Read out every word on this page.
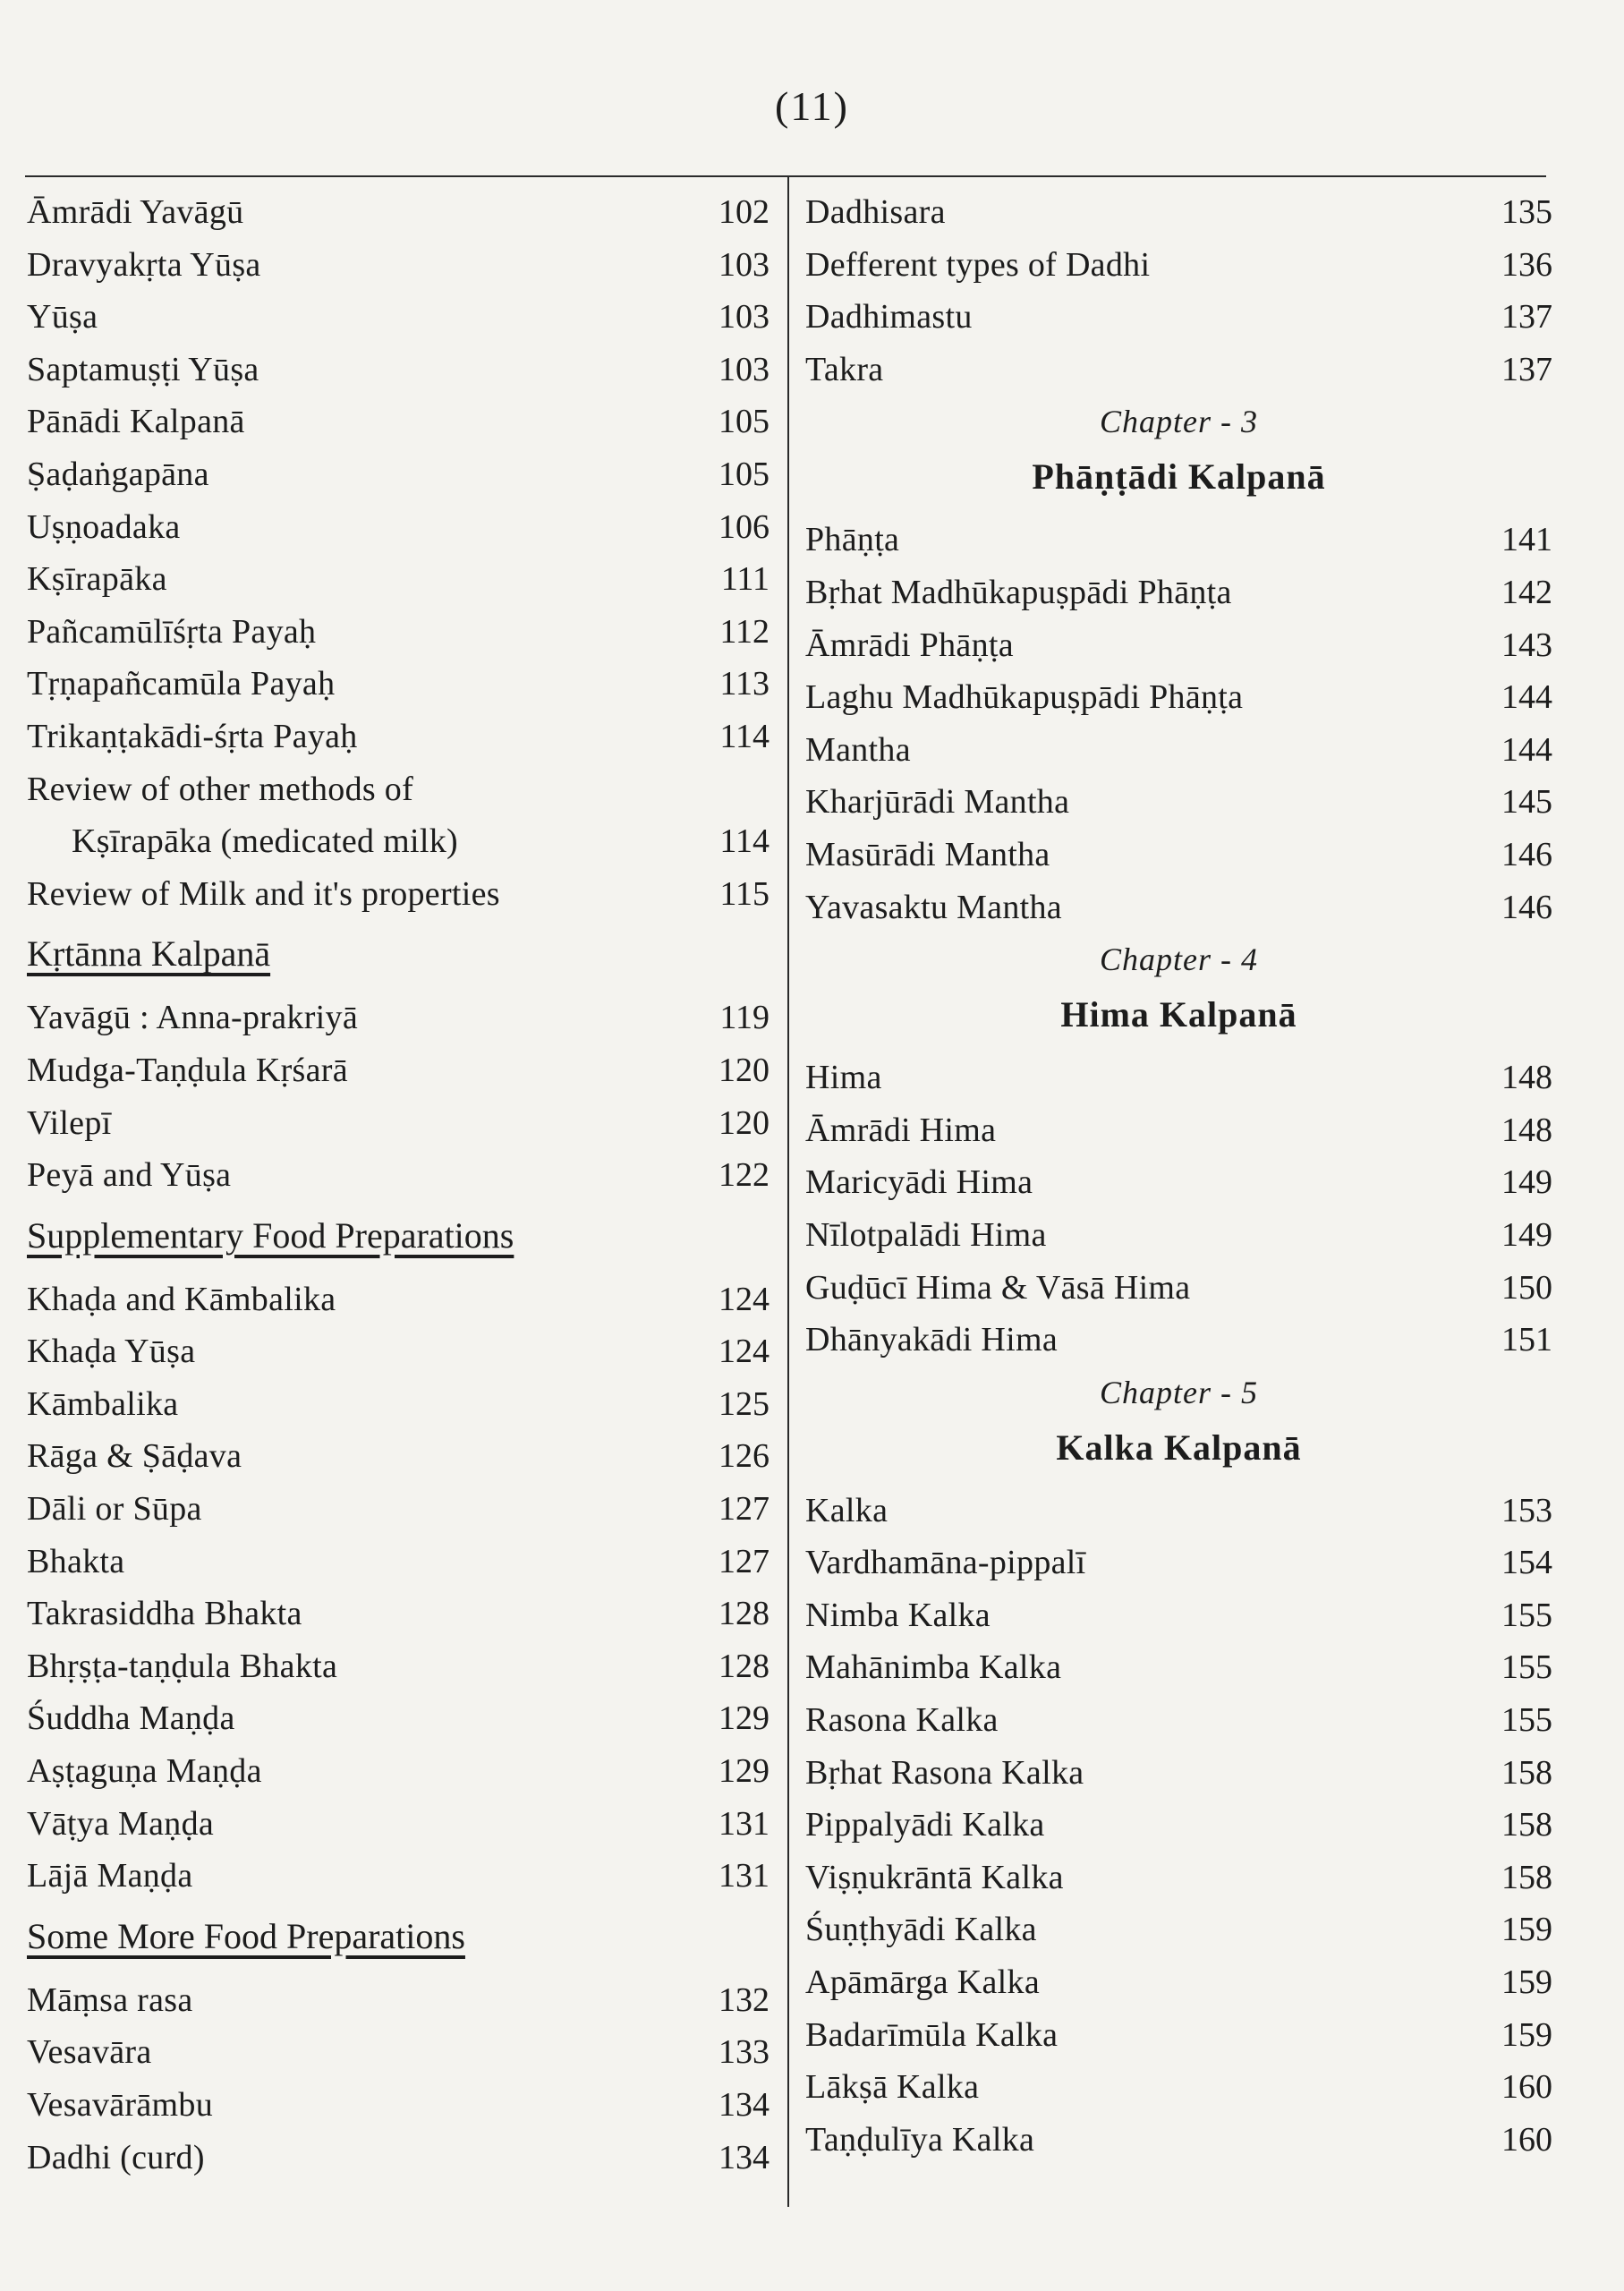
(11)
Āmrādi Yavāgū	102
Dravyakṛta Yūṣa	103
Yūṣa	103
Saptamuṣṭi Yūṣa	103
Pānādi Kalpanā	105
Ṣaḍaṅgapāna	105
Uṣṇoadaka	106
Kṣīrapāka	111
Pañcamūlīśṛta Payaḥ	112
Tṛṇapañcamūla Payaḥ	113
Trikaṇṭakādi-śṛta Payaḥ	114
Review of other methods of
Kṣīrapāka (medicated milk)	114
Review of Milk and it's properties	115
Kṛtānna Kalpanā
Yavāgū : Anna-prakriyā	119
Mudga-Taṇḍula Kṛśarā	120
Vilepī	120
Peyā and Yūṣa	122
Supplementary Food Preparations
Khaḍa and Kāmbalika	124
Khaḍa Yūṣa	124
Kāmbalika	125
Rāga & Ṣāḍava	126
Dāli or Sūpa	127
Bhakta	127
Takrasiddha Bhakta	128
Bhṛṣṭa-taṇḍula Bhakta	128
Śuddha Maṇḍa	129
Aṣṭaguṇa Maṇḍa	129
Vāṭya Maṇḍa	131
Lājā Maṇḍa	131
Some More Food Preparations
Māṃsa rasa	132
Vesavāra	133
Vesavārāmbu	134
Dadhi (curd)	134
Dadhisara	135
Defferent types of Dadhi	136
Dadhimastu	137
Takra	137
Chapter - 3
Phāṇṭādi Kalpanā
Phāṇṭa	141
Bṛhat Madhūkapuṣpādi Phāṇṭa	142
Āmrādi Phāṇṭa	143
Laghu Madhūkapuṣpādi Phāṇṭa	144
Mantha	144
Kharjūrādi Mantha	145
Masūrādi Mantha	146
Yavasaktu Mantha	146
Chapter - 4
Hima Kalpanā
Hima	148
Āmrādi Hima	148
Maricyādi Hima	149
Nīlotpalādi Hima	149
Guḍūcī Hima & Vāsā Hima	150
Dhānyakādi Hima	151
Chapter - 5
Kalka Kalpanā
Kalka	153
Vardhamāna-pippalī	154
Nimba Kalka	155
Mahānimba Kalka	155
Rasona Kalka	155
Bṛhat Rasona Kalka	158
Pippalyādi Kalka	158
Viṣṇukrāntā Kalka	158
Śuṇṭhyādi Kalka	159
Apāmārga Kalka	159
Badarīmūla Kalka	159
Lākṣā Kalka	160
Taṇḍulīya Kalka	160
